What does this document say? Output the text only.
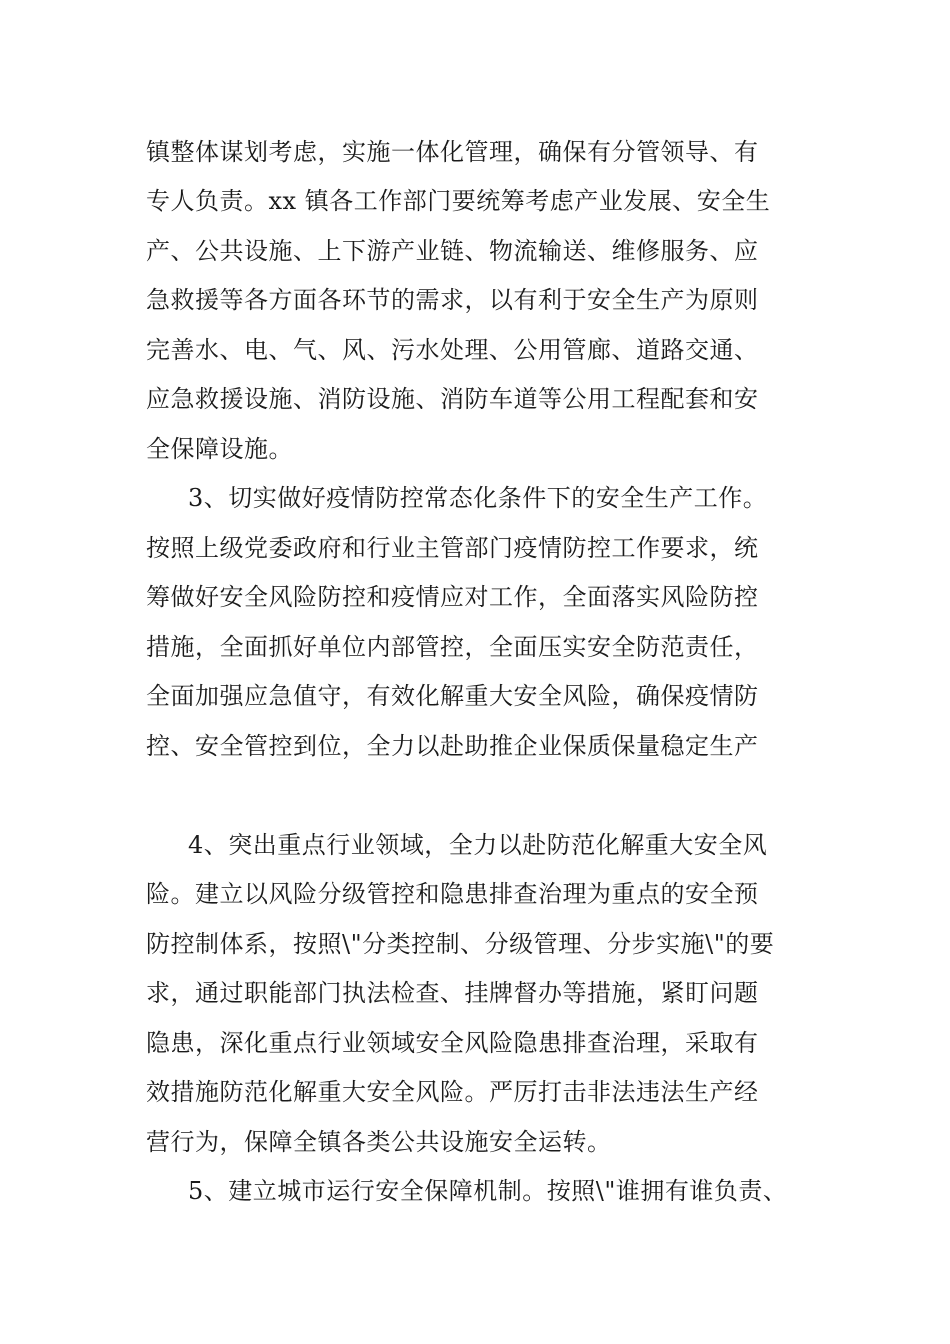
镇整体谋划考虑，实施一体化管理，确保有分管领导、有
专人负责。xx 镇各工作部门要统筹考虑产业发展、安全生
产、公共设施、上下游产业链、物流输送、维修服务、应
急救援等各方面各环节的需求，以有利于安全生产为原则
完善水、电、气、风、污水处理、公用管廊、道路交通、
应急救援设施、消防设施、消防车道等公用工程配套和安
全保障设施。
3、切实做好疫情防控常态化条件下的安全生产工作。
按照上级党委政府和行业主管部门疫情防控工作要求，统
筹做好安全风险防控和疫情应对工作，全面落实风险防控
措施，全面抓好单位内部管控，全面压实安全防范责任，
全面加强应急值守，有效化解重大安全风险，确保疫情防
控、安全管控到位，全力以赴助推企业保质保量稳定生产
4、突出重点行业领域，全力以赴防范化解重大安全风
险。建立以风险分级管控和隐患排查治理为重点的安全预
防控制体系，按照\"分类控制、分级管理、分步实施\"的要
求，通过职能部门执法检查、挂牌督办等措施，紧盯问题
隐患，深化重点行业领域安全风险隐患排查治理，采取有
效措施防范化解重大安全风险。严厉打击非法违法生产经
营行为，保障全镇各类公共设施安全运转。
5、建立城市运行安全保障机制。按照\"谁拥有谁负责、
